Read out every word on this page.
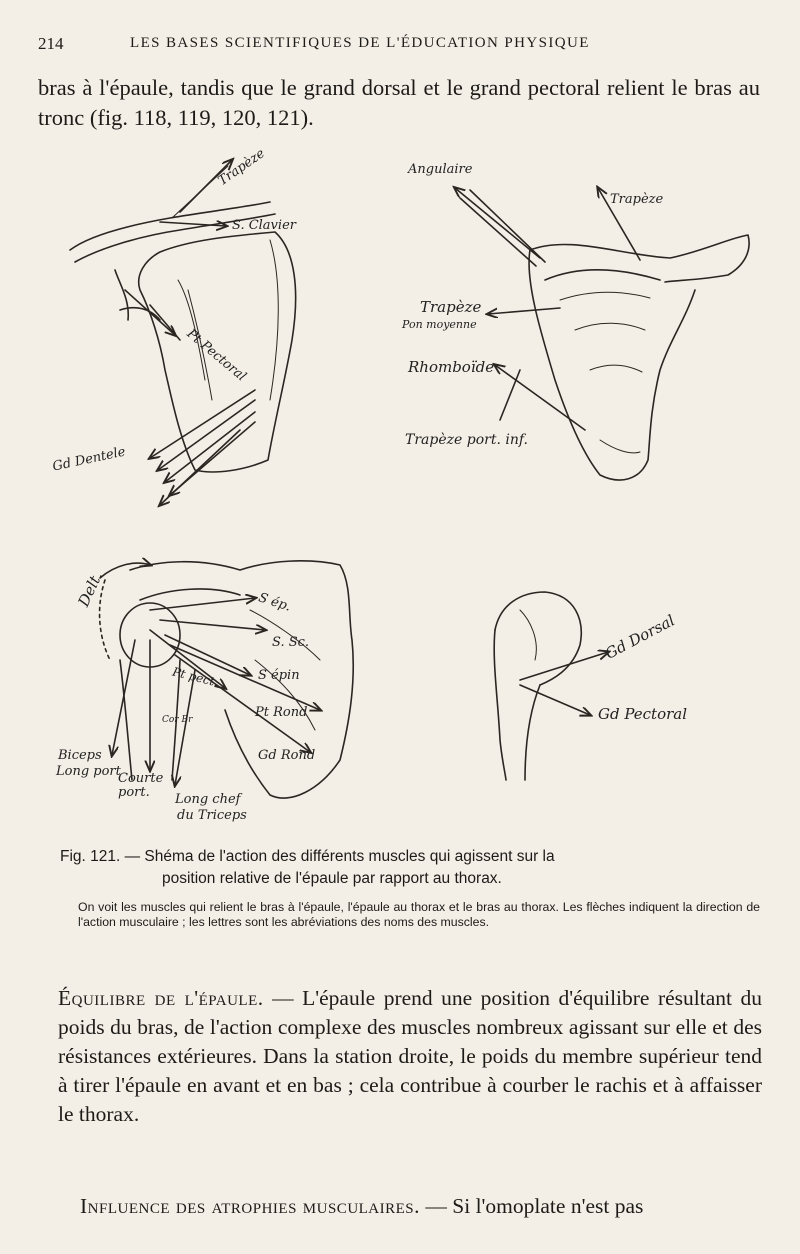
214	LES BASES SCIENTIFIQUES DE L'ÉDUCATION PHYSIQUE
bras à l'épaule, tandis que le grand dorsal et le grand pectoral relient le bras au tronc (fig. 118, 119, 120, 121).
Trapèze
S. Clavier
Pt Pectoral
Gd Dentele
Angulaire
Trapèze
Trapèze
Pon moyenne
Rhomboïde
Trapèze port. inf.
Delt.	S ép.
S. Sc.
S épin
Pt pect.
Cor Br	Pt Rond
Gd Rond
Biceps
Long port
Courte port.	Long chef
du Triceps
Gd Dorsal
Gd Pectoral
Fig. 121. — Shéma de l'action des différents muscles qui agissent sur la
position relative de l'épaule par rapport au thorax.
On voit les muscles qui relient le bras à l'épaule, l'épaule au thorax et le bras au thorax. Les flèches indiquent la direction de l'action musculaire ; les lettres sont les abréviations des noms des muscles.
Équilibre de l'épaule. — L'épaule prend une position d'équilibre résultant du poids du bras, de l'action complexe des muscles nombreux agissant sur elle et des résistances extérieures. Dans la station droite, le poids du membre supérieur tend à tirer l'épaule en avant et en bas ; cela contribue à courber le rachis et à affaisser le thorax.
Influence des atrophies musculaires. — Si l'omoplate n'est pas
